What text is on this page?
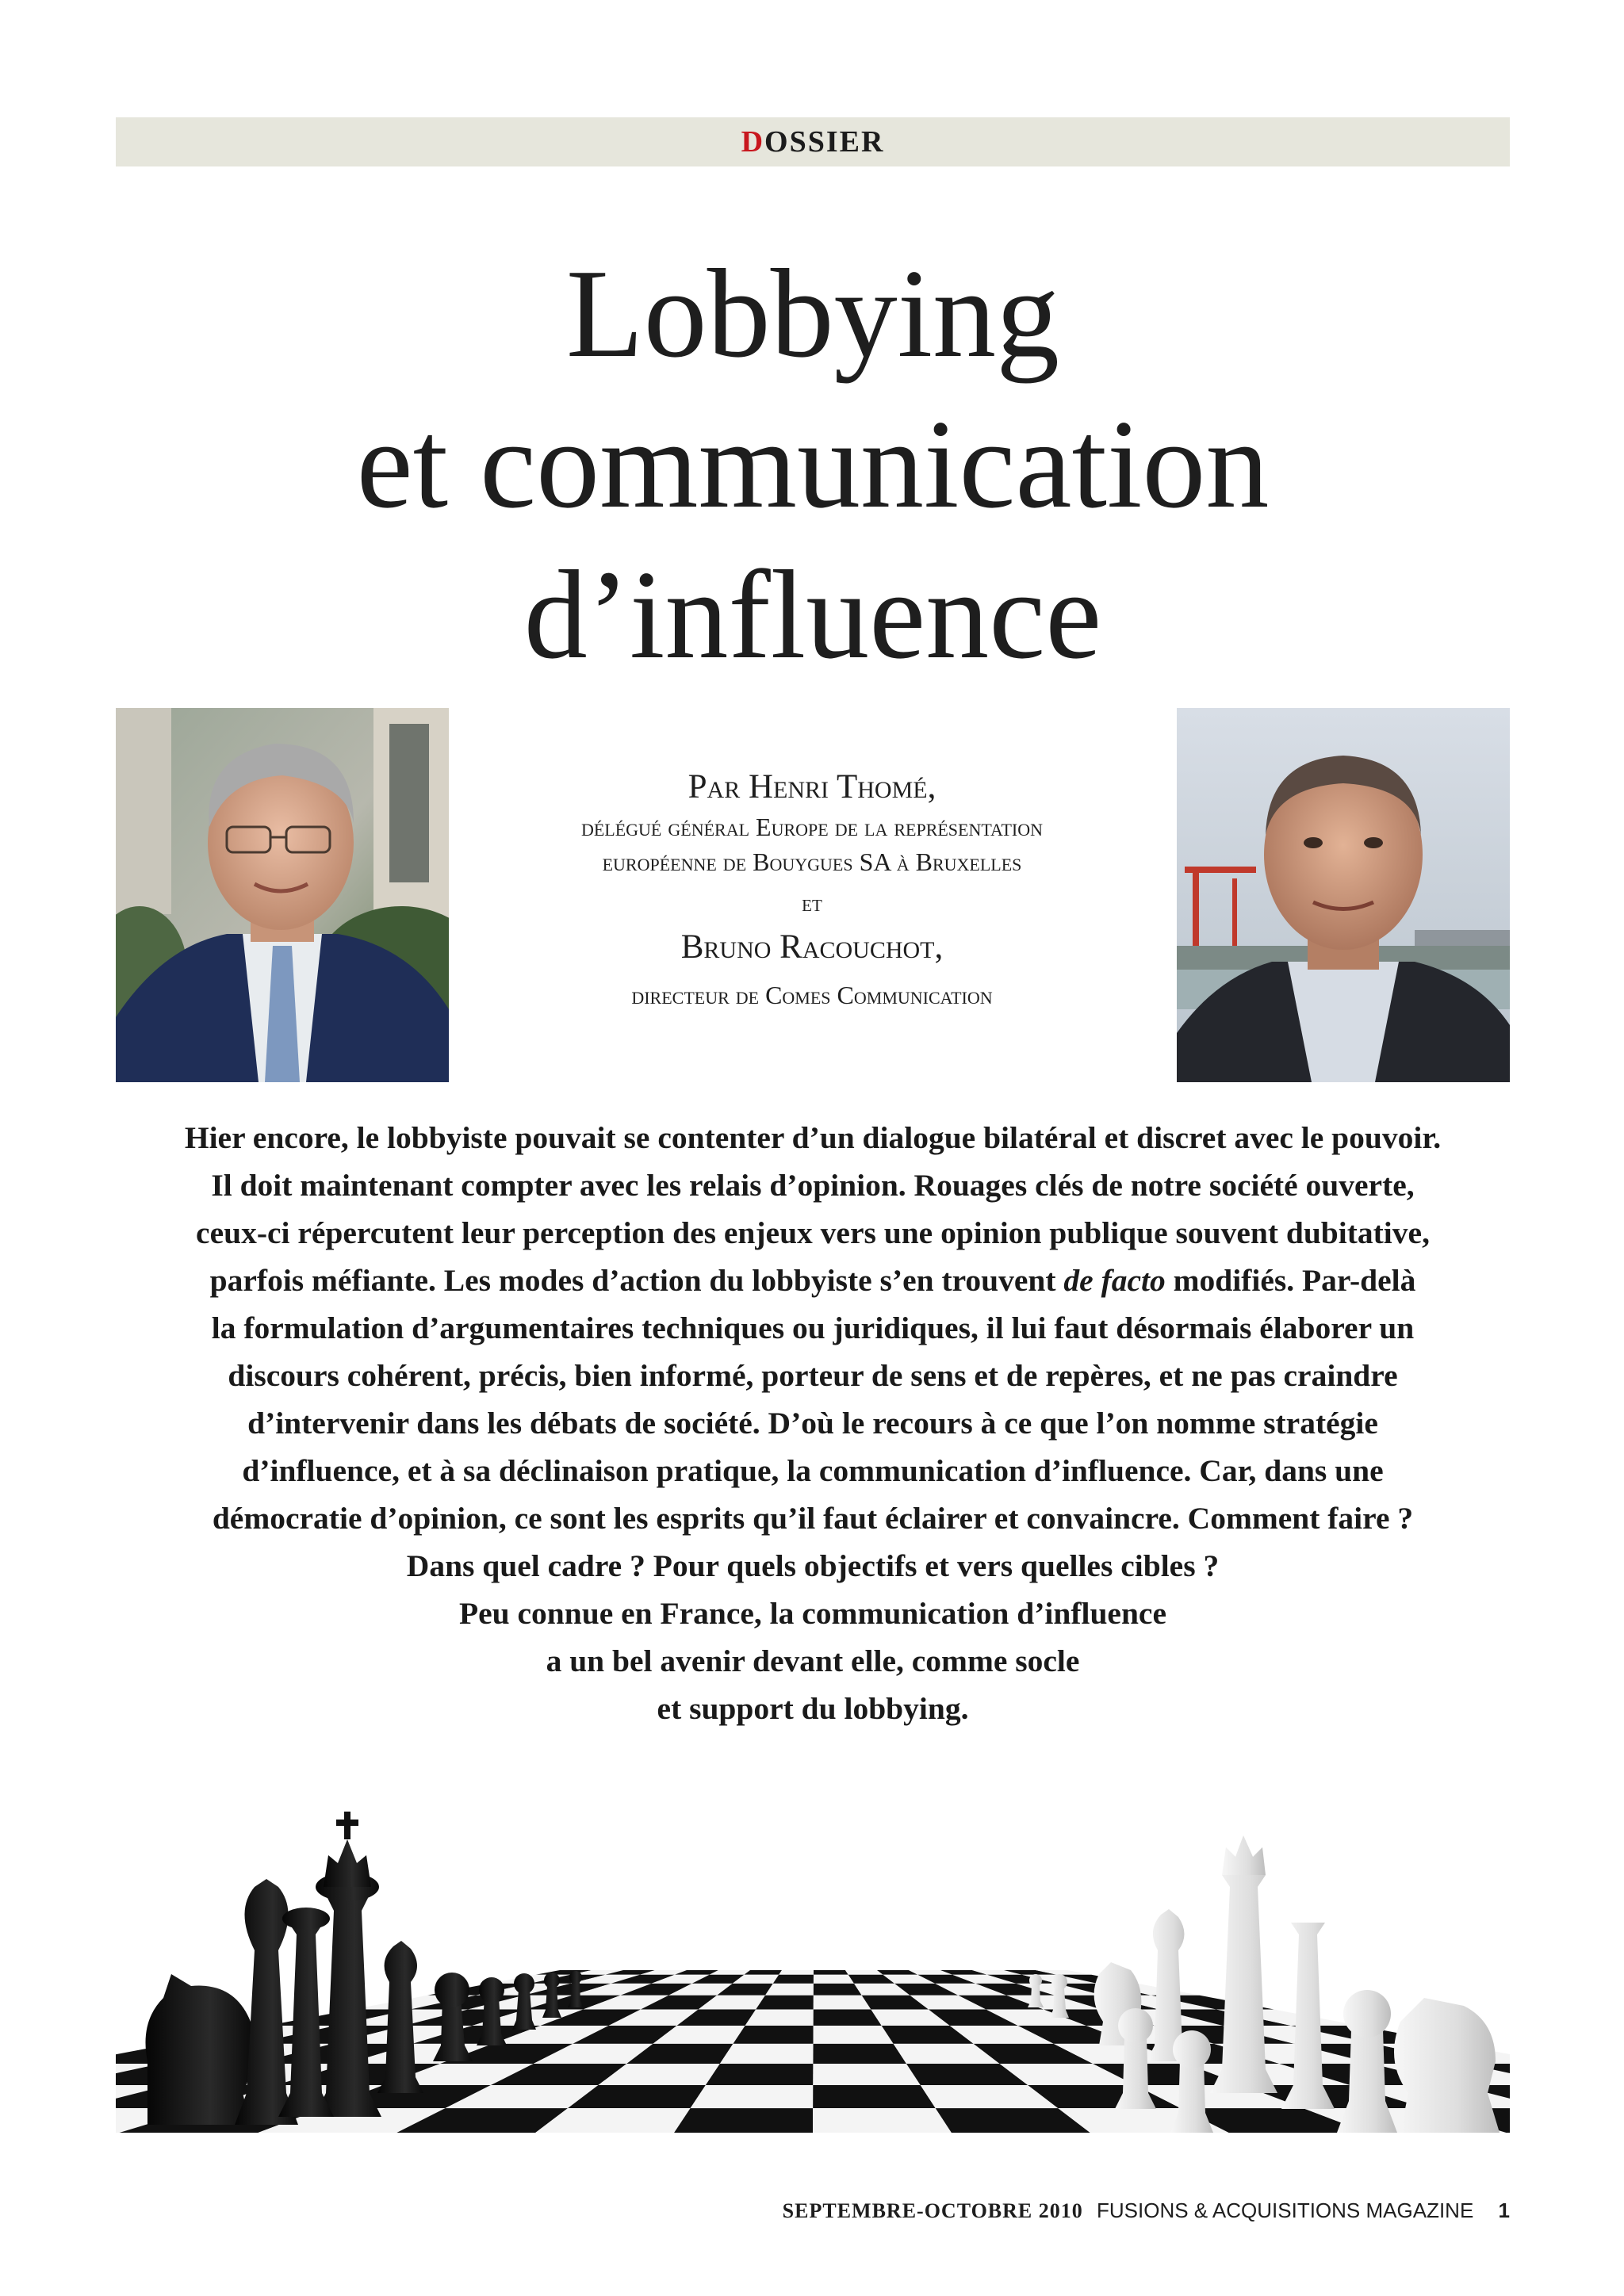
DOSSIER
Lobbying
et communication
d’influence
Par Henri Thomé,
délégué général Europe de la représentation
européenne de Bouygues SA à Bruxelles
et
Bruno Racouchot,
directeur de Comes Communication

Hier encore, le lobbyiste pouvait se contenter d’un dialogue bilatéral et discret avec le pouvoir.
Il doit maintenant compter avec les relais d’opinion. Rouages clés de notre société ouverte,
ceux-ci répercutent leur perception des enjeux vers une opinion publique souvent dubitative,
parfois méfiante. Les modes d’action du lobbyiste s’en trouvent de facto modifiés. Par-delà
la formulation d’argumentaires techniques ou juridiques, il lui faut désormais élaborer un
discours cohérent, précis, bien informé, porteur de sens et de repères, et ne pas craindre
d’intervenir dans les débats de société. D’où le recours à ce que l’on nomme stratégie
d’influence, et à sa déclinaison pratique, la communication d’influence. Car, dans une
démocratie d’opinion, ce sont les esprits qu’il faut éclairer et convaincre. Comment faire ?
Dans quel cadre ? Pour quels objectifs et vers quelles cibles ?
Peu connue en France, la communication d’influence
a un bel avenir devant elle, comme socle
et support du lobbying.

SEPTEMBRE-OCTOBRE 2010 FUSIONS & ACQUISITIONS MAGAZINE 1
